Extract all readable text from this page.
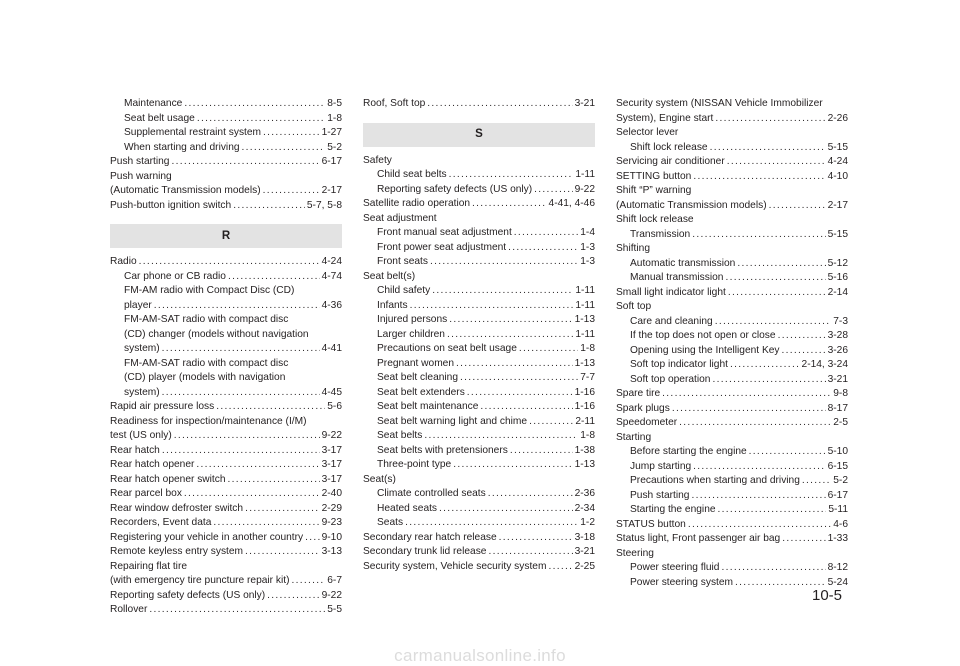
Maintenance .....	8-5
Seat belt usage .....	1-8
Supplemental restraint system .....	1-27
When starting and driving .....	5-2
Push starting .....	6-17
Push warning
(Automatic Transmission models) .....	2-17
Push-button ignition switch .....	5-7, 5-8
R
Radio .....	4-24
Car phone or CB radio .....	4-74
FM-AM radio with Compact Disc (CD)
player .....	4-36
FM-AM-SAT radio with compact disc
(CD) changer (models without navigation
system) .....	4-41
FM-AM-SAT radio with compact disc
(CD) player (models with navigation
system) .....	4-45
Rapid air pressure loss .....	5-6
Readiness for inspection/maintenance (I/M)
test (US only) .....	9-22
Rear hatch .....	3-17
Rear hatch opener .....	3-17
Rear hatch opener switch .....	3-17
Rear parcel box .....	2-40
Rear window defroster switch .....	2-29
Recorders, Event data .....	9-23
Registering your vehicle in another country ..... 9-10
Remote keyless entry system .....	3-13
Repairing flat tire
(with emergency tire puncture repair kit) .....	6-7
Reporting safety defects (US only) .....	9-22
Rollover .....	5-5
Roof, Soft top .....	3-21
S
Safety
Child seat belts .....	1-11
Reporting safety defects (US only) .....	9-22
Satellite radio operation .....	4-41, 4-46
Seat adjustment
Front manual seat adjustment .....	1-4
Front power seat adjustment .....	1-3
Front seats .....	1-3
Seat belt(s)
Child safety .....	1-11
Infants .....	1-11
Injured persons .....	1-13
Larger children .....	1-11
Precautions on seat belt usage .....	1-8
Pregnant women .....	1-13
Seat belt cleaning .....	7-7
Seat belt extenders .....	1-16
Seat belt maintenance .....	1-16
Seat belt warning light and chime .....	2-11
Seat belts .....	1-8
Seat belts with pretensioners .....	1-38
Three-point type .....	1-13
Seat(s)
Climate controlled seats .....	2-36
Heated seats .....	2-34
Seats .....	1-2
Secondary rear hatch release .....	3-18
Secondary trunk lid release .....	3-21
Security system, Vehicle security system .....	2-25
Security system (NISSAN Vehicle Immobilizer
System), Engine start .....	2-26
Selector lever
Shift lock release .....	5-15
Servicing air conditioner .....	4-24
SETTING button .....	4-10
Shift “P” warning
(Automatic Transmission models) .....	2-17
Shift lock release
Transmission .....	5-15
Shifting
Automatic transmission .....	5-12
Manual transmission .....	5-16
Small light indicator light .....	2-14
Soft top
Care and cleaning .....	7-3
If the top does not open or close .....	3-28
Opening using the Intelligent Key .....	3-26
Soft top indicator light .....	2-14, 3-24
Soft top operation .....	3-21
Spare tire .....	9-8
Spark plugs .....	8-17
Speedometer .....	2-5
Starting
Before starting the engine .....	5-10
Jump starting .....	6-15
Precautions when starting and driving .....	5-2
Push starting .....	6-17
Starting the engine .....	5-11
STATUS button .....	4-6
Status light, Front passenger air bag .....	1-33
Steering
Power steering fluid .....	8-12
Power steering system .....	5-24
10-5
carmanualsonline.info
